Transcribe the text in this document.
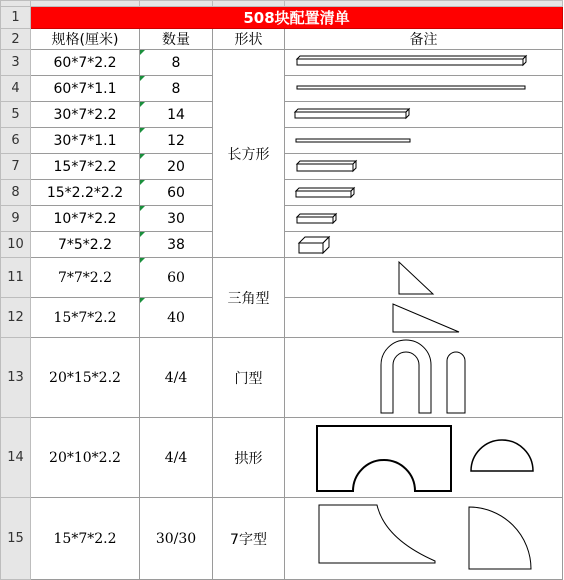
1	508块配置清单			
2	规格(厘米)	数量	形状	备注
3	60*7*2.2	8	长方形	

4	60*7*1.1	8	

5	30*7*2.2	14	

6	30*7*1.1	12	

7	15*7*2.2	20	

8	15*2.2*2.2	60	

9	10*7*2.2	30	

10	7*5*2.2	38	

11	7*7*2.2	60	三角型	

12	15*7*2.2	40	

13	20*15*2.2	4/4	门型	

14	20*10*2.2	4/4	拱形	

15	15*7*2.2	30/30	7字型	
